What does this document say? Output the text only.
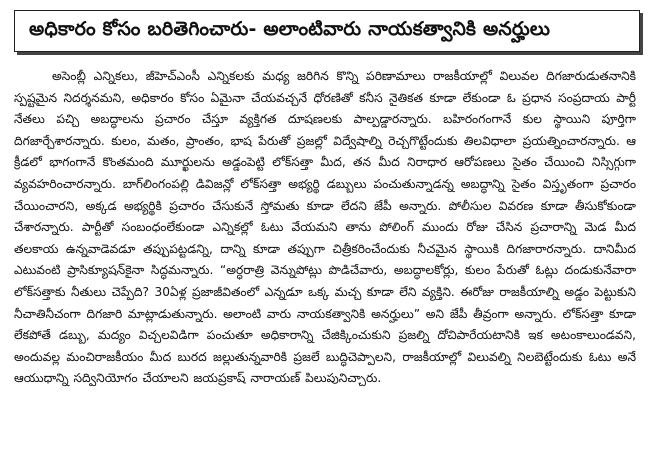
అధికారం కోసం బరితెగించారు- అలాంటివారు నాయకత్వానికి అనర్హులు

అసెంబ్లీ ఎన్నికలు, జీహెచ్ఎంసీ ఎన్నికలకు మధ్య జరిగిన కొన్ని పరిణామాలు రాజకీయాల్లో విలువల దిగజారుడుతనానికి స్పష్టమైన నిదర్శనమని, అధికారం కోసం ఏమైనా చేయవచ్చనే ధోరణితో కనీస నైతికత కూడా లేకుండా ఓ ప్రధాన సంప్రదాయ పార్టీ నేతలు పచ్చి అబద్ధాలను ప్రచారం చేస్తూ వ్యక్తిగత దూషణలకు పాల్పడ్డారన్నారు. బహిరంగంగానే కుల స్థాయిని పూర్తిగా దిగజార్చేశారన్నారు. కులం, మతం, ప్రాంతం, భాష పేరుతో ప్రజల్లో విద్వేషాల్ని రెచ్చగొట్టేందుకు తిలవిధాలా ప్రయత్నించారన్నారు. ఆ క్రీడలో భాగంగానే కొంతమంది మూర్ఖులను అడ్డంపెట్టి లోక్‌సత్తా మీద, తన మీద నిరాధార ఆరోపణలు సైతం చేయించి నిస్సిగ్గుగా వ్యవహరించారన్నారు. బాగ్‌లింగంపల్లి డివిజన్లో లోక్‌సత్తా అభ్యర్థి డబ్బులు పంచుతున్నాడన్న అబద్ధాన్ని సైతం విస్తృతంగా ప్రచారం చేయించారని, అక్కడ అభ్యర్థికి ప్రచారం చేసుకునే స్తోమతు కూడా లేదని జేపీ అన్నారు. పోలీసుల వివరణ కూడా తీసుకోకుండా చేశారన్నారు. పార్టీతో సంబంధంలేకుండా ఎన్నికల్లో ఓటు వేయమని తాను పోలింగ్ ముందు రోజు చేసిన ప్రచారాన్ని మెడ మీద తలకాయ ఉన్నవాడెవడూ తప్పుపట్టడన్ని, దాన్ని కూడా తప్పుగా చిత్రీకరించేందుకు నీచమైన స్థాయికి దిగజారారన్నారు. దానిమీద ఎటువంటి ప్రాసిక్యూషన్‌కైనా సిద్ధమన్నారు. “అర్ధరాత్రి వెన్నుపోట్లు పొడిచేవారు, అబద్ధాలకోర్లు, కులం పేరుతో ఓట్లు దండుకునేవారా లోక్‌సత్తాకు నీతులు చెప్పేది? 30ఏళ్ల ప్రజాజీవితంలో ఎన్నడూ ఒక్క మచ్చ కూడా లేని వ్యక్తిని. ఈరోజు రాజకీయాల్ని అడ్డం పెట్టుకుని నీచాతినీచంగా దిగజారి మాట్లాడుతున్నారు. అలాంటి వారు నాయకత్వానికి అనర్హులు” అని జేపీ తీవ్రంగా అన్నారు. లోక్‌సత్తా కూడా లేకపోతే డబ్బు, మద్యం విచ్చలవిడిగా పంచుతూ అధికారాన్ని చేజిక్కించుకుని ప్రజల్ని దోచిపారేయటానికి ఇక అటంకాలుండవని, అందువల్ల మంచిరాజకీయం మీద బురద జల్లుతున్నవారికి ప్రజలే బుద్ధిచెప్పాలని, రాజకీయాల్లో విలువల్ని నిలబెట్టేందుకు ఓటు అనే ఆయుధాన్ని సద్వినియోగం చేయాలని జయప్రకాష్ నారాయణ్ పిలుపునిచ్చారు.
